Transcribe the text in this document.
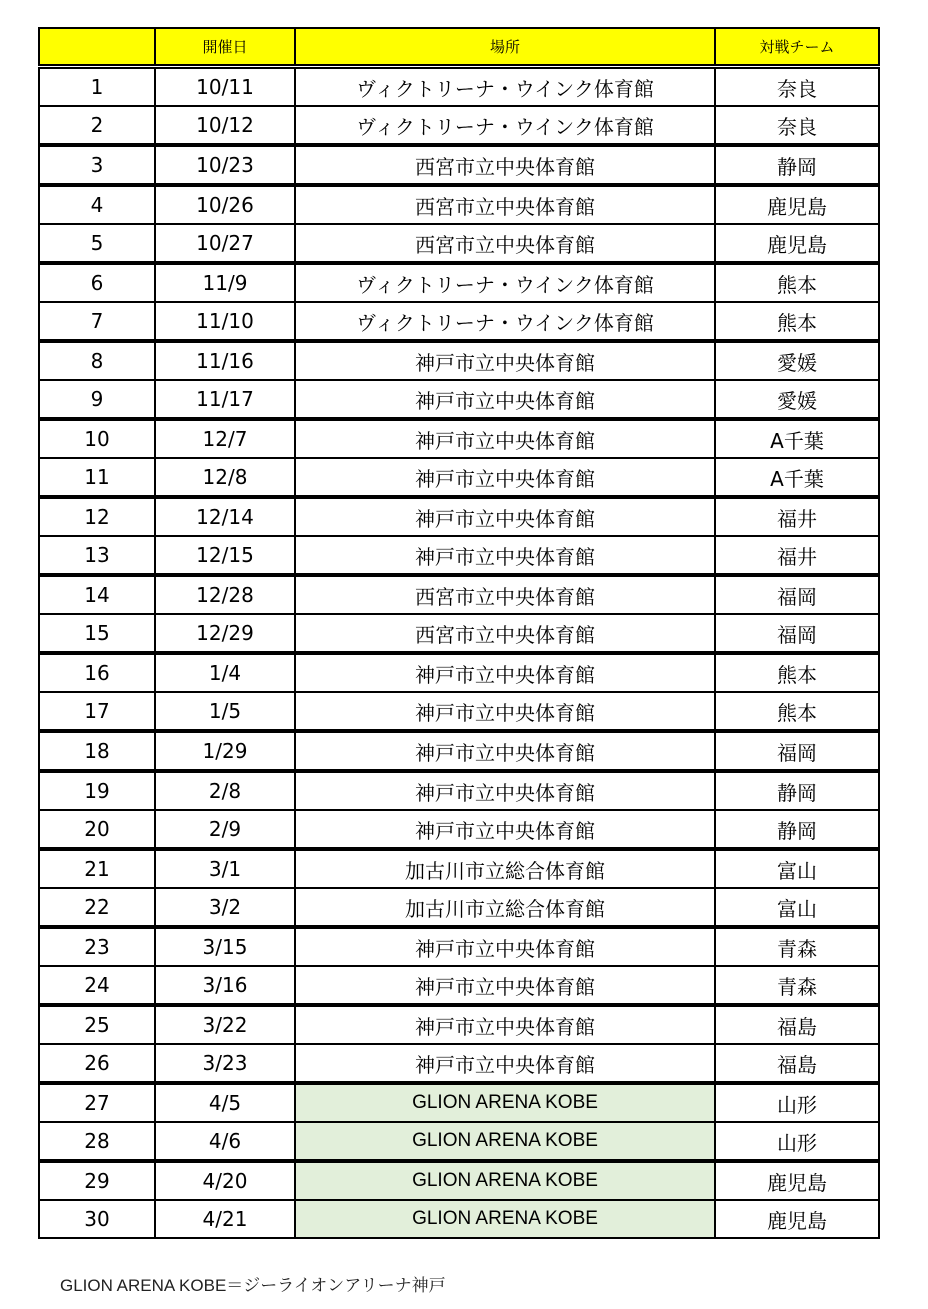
	開催日	場所	対戦チーム
1	10/11	ヴィクトリーナ・ウインク体育館	奈良
2	10/12	ヴィクトリーナ・ウインク体育館	奈良
3	10/23	西宮市立中央体育館	静岡
4	10/26	西宮市立中央体育館	鹿児島
5	10/27	西宮市立中央体育館	鹿児島
6	11/9	ヴィクトリーナ・ウインク体育館	熊本
7	11/10	ヴィクトリーナ・ウインク体育館	熊本
8	11/16	神戸市立中央体育館	愛媛
9	11/17	神戸市立中央体育館	愛媛
10	12/7	神戸市立中央体育館	A千葉
11	12/8	神戸市立中央体育館	A千葉
12	12/14	神戸市立中央体育館	福井
13	12/15	神戸市立中央体育館	福井
14	12/28	西宮市立中央体育館	福岡
15	12/29	西宮市立中央体育館	福岡
16	1/4	神戸市立中央体育館	熊本
17	1/5	神戸市立中央体育館	熊本
18	1/29	神戸市立中央体育館	福岡
19	2/8	神戸市立中央体育館	静岡
20	2/9	神戸市立中央体育館	静岡
21	3/1	加古川市立総合体育館	富山
22	3/2	加古川市立総合体育館	富山
23	3/15	神戸市立中央体育館	青森
24	3/16	神戸市立中央体育館	青森
25	3/22	神戸市立中央体育館	福島
26	3/23	神戸市立中央体育館	福島
27	4/5	GLION ARENA KOBE	山形
28	4/6	GLION ARENA KOBE	山形
29	4/20	GLION ARENA KOBE	鹿児島
30	4/21	GLION ARENA KOBE	鹿児島
GLION ARENA KOBE＝ジーライオンアリーナ神戸
